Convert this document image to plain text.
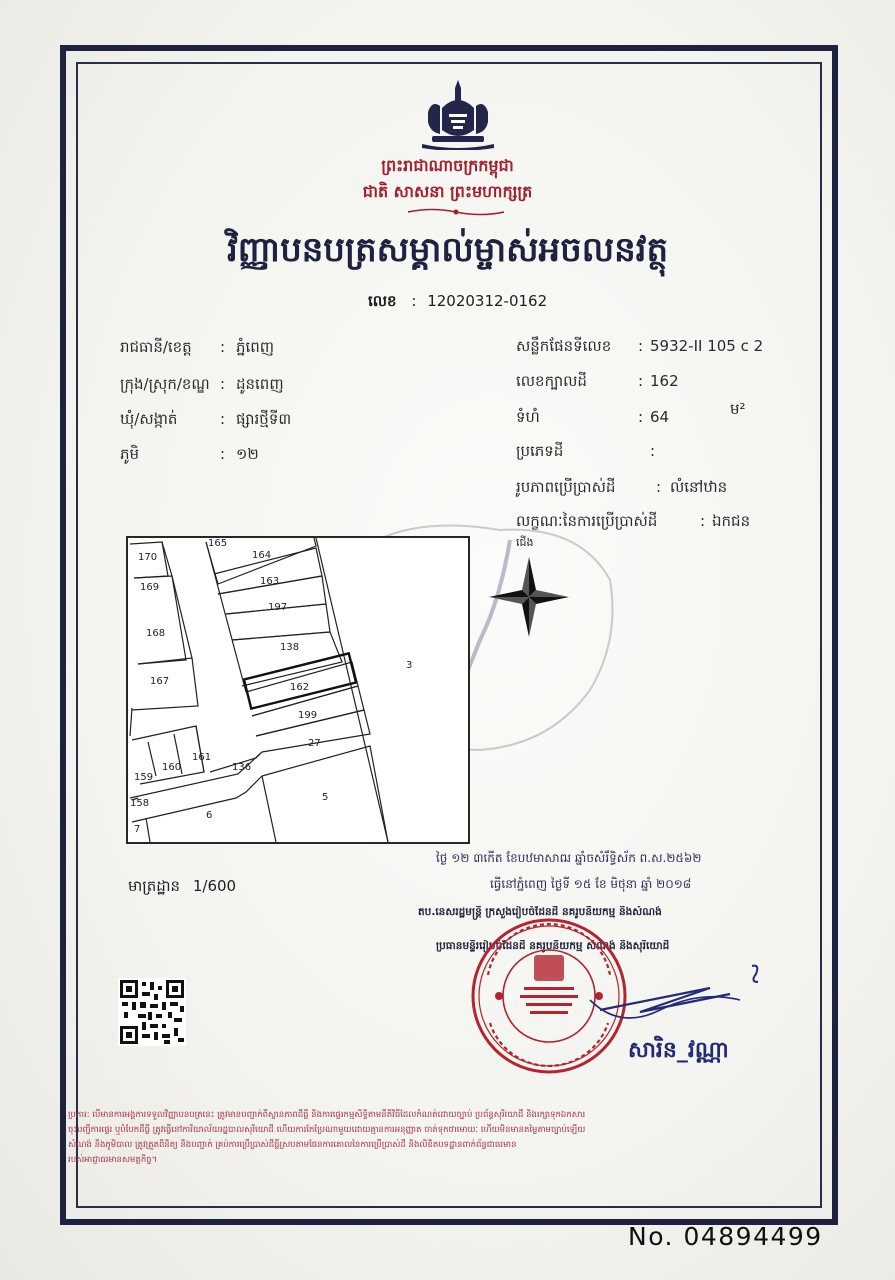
ព្រះរាជាណាចក្រកម្ពុជា
ជាតិ សាសនា ព្រះមហាក្សត្រ
វិញ្ញាបនបត្រសម្គាល់ម្ចាស់អចលនវត្ថុ
លេខ : 12020312-0162
រាជធានី/ខេត្ត : ភ្នំពេញ
ក្រុង/ស្រុក/ខណ្ឌ : ដូនពេញ
ឃុំ/សង្កាត់	: ផ្សារថ្មីទី៣
ភូមិ	: ១២
សន្លឹកផែនទីលេខ : 5932-II 105 c 2
លេខក្បាលដី	: 162
ទំហំ	: 64	ម²
ប្រភេទដី	:
រូបភាពប្រើប្រាស់ដី	: លំនៅឋាន
លក្ខណៈនៃការប្រើប្រាស់ដី	: ឯកជន
ជើង
170
165
164
169
163
197
168
138
167
162
3
199
27
159
160
161
136
158
5
7
6
មាត្រដ្ឋាន 1/600
ថ្ងៃ ១២ ៣កើត ខែបឋមាសាឍ ឆ្នាំចសំរឹទ្ធិស័ក ព.ស.២៥៦២
ធ្វើនៅភ្នំពេញ ថ្ងៃទី ១៥ ខែ មិថុនា ឆ្នាំ ២០១៨
តប.នេសរដ្ឋមន្ត្រី ក្រសួងរៀបចំដែនដី នគរូបនីយកម្ម និងសំណង់
ប្រធានមន្ទីររៀបចំដែនដី នគរូបនីយកម្ម សំណង់ និងសុរិយោដី
សារិន_វណ្ណា
ប្រការ: បើមានការអង្គការទទួលវិញ្ញាបនបត្រនេះ ត្រូវមានបញ្ជាក់ពីស្ថានភាពដីធ្លី និងការផ្ទេរកម្មសិទ្ធិតាមនីតិវិធីដែលកំណត់ដោយច្បាប់ ប្រព័ន្ធសុរិយោដី និងរក្សាទុកឯកសារ
ចុះបញ្ជីការផ្ទេរ ឬបំបែកដីធ្លី ត្រូវធ្វើនៅការិយាល័យរដ្ឋបាលសុរិយោដី ហើយការកែប្រែណាមួយដោយគ្មានការអនុញ្ញាត ចាត់ទុកថាមោឃៈ ហើយមិនមានតម្លៃតាមច្បាប់ឡើយ
សំណង់ និងភូមិបាល ត្រូវត្រួតពិនិត្យ និងបញ្ជាក់ គ្រប់ការប្រើប្រាស់ដីធ្លីស្របតាមផែនការគោលនៃការប្រើប្រាស់ដី និងលិខិតបទដ្ឋានពាក់ព័ន្ធជាធរមាន
របស់អាជ្ញាធរមានសមត្ថកិច្ច។
No. 04894499
